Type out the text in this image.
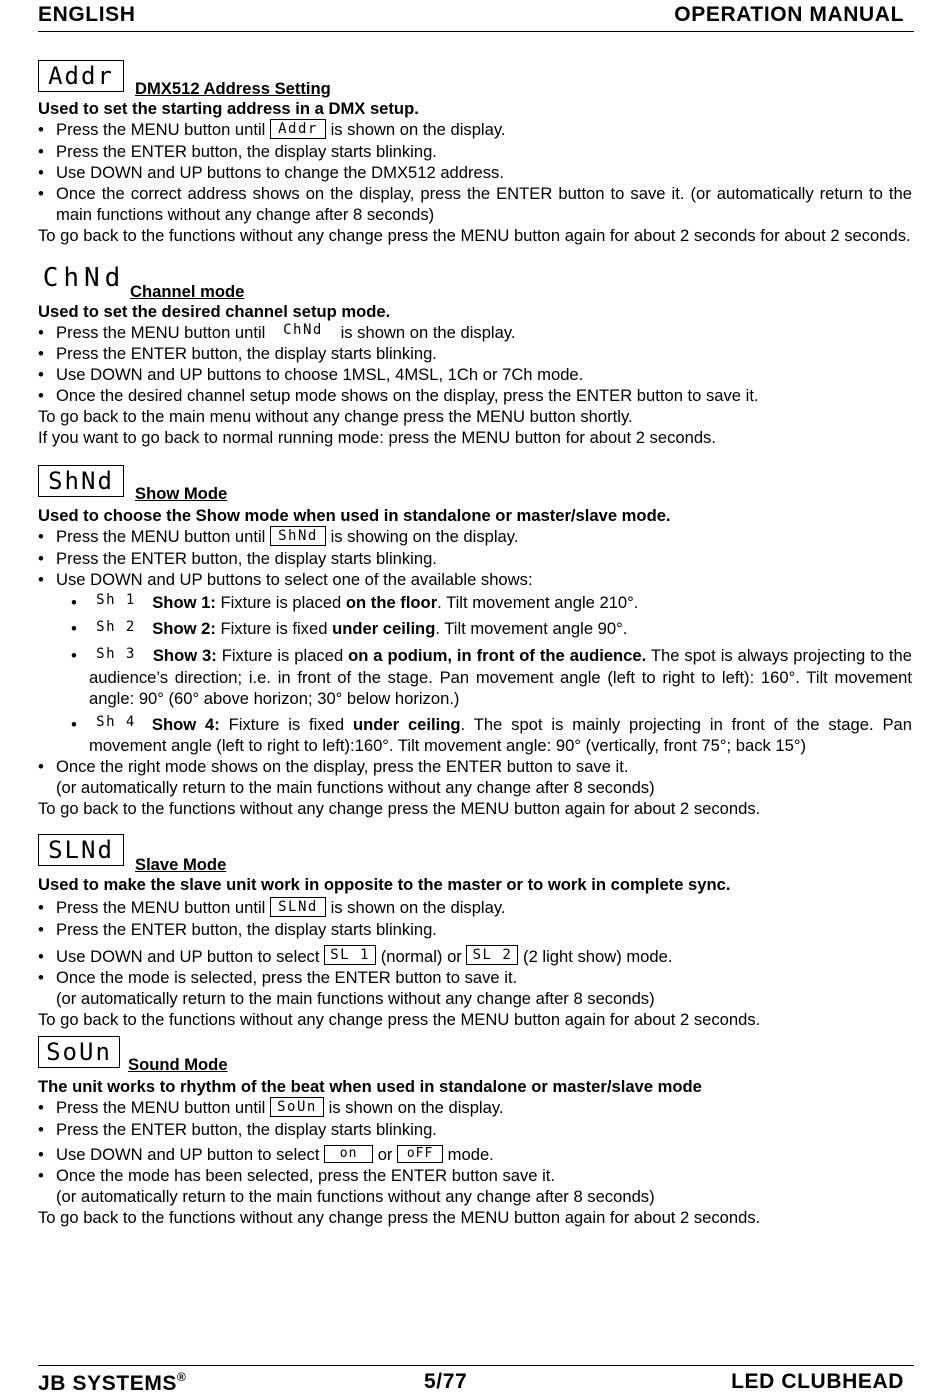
ENGLISH	OPERATION MANUAL
Addr	DMX512 Address Setting
Used to set the starting address in a DMX setup.
• Press the MENU button until Addr is shown on the display.
• Press the ENTER button, the display starts blinking.
• Use DOWN and UP buttons to change the DMX512 address.
• Once the correct address shows on the display, press the ENTER button to save it. (or automatically return to the main functions without any change after 8 seconds)

To go back to the functions without any change press the MENU button again for about 2 seconds for about 2 seconds.

ChNd Channel mode
Used to set the desired channel setup mode.
• Press the MENU button until ChNd is shown on the display.
• Press the ENTER button, the display starts blinking.
• Use DOWN and UP buttons to choose 1MSL, 4MSL, 1Ch or 7Ch mode.
• Once the desired channel setup mode shows on the display, press the ENTER button to save it.

To go back to the main menu without any change press the MENU button shortly.

If you want to go back to normal running mode: press the MENU button for about 2 seconds.

ShNd	Show Mode
Used to choose the Show mode when used in standalone or master/slave mode.
• Press the MENU button until ShNd is showing on the display.
• Press the ENTER button, the display starts blinking.
• Use DOWN and UP buttons to select one of the available shows:
• Sh 1 Show 1: Fixture is placed on the floor. Tilt movement angle 210°.
• Sh 2 Show 2: Fixture is fixed under ceiling. Tilt movement angle 90°.
• Sh 3 Show 3: Fixture is placed on a podium, in front of the audience. The spot is always projecting to the audience’s direction; i.e. in front of the stage. Pan movement angle (left to right to left): 160°. Tilt movement angle: 90° (60° above horizon; 30° below horizon.)
• Sh 4 Show 4: Fixture is fixed under ceiling. The spot is mainly projecting in front of the stage. Pan movement angle (left to right to left):160°. Tilt movement angle: 90° (vertically, front 75°; back 15°)
• Once the right mode shows on the display, press the ENTER button to save it.
(or automatically return to the main functions without any change after 8 seconds)

To go back to the functions without any change press the MENU button again for about 2 seconds.

SLNd
Slave Mode
Used to make the slave unit work in opposite to the master or to work in complete sync.
• Press the MENU button until SLNd is shown on the display.
• Press the ENTER button, the display starts blinking.
• Use DOWN and UP button to select SL 1 (normal) or SL 2 (2 light show) mode.
• Once the mode is selected, press the ENTER button to save it.
(or automatically return to the main functions without any change after 8 seconds)

To go back to the functions without any change press the MENU button again for about 2 seconds.

SoUn Sound Mode
The unit works to rhythm of the beat when used in standalone or master/slave mode
• Press the MENU button until SoUn is shown on the display.
• Press the ENTER button, the display starts blinking.
• Use DOWN and UP button to select on or oFF mode.
• Once the mode has been selected, press the ENTER button save it.
(or automatically return to the main functions without any change after 8 seconds)

To go back to the functions without any change press the MENU button again for about 2 seconds.

JB SYSTEMS®	5/77	LED CLUBHEAD
